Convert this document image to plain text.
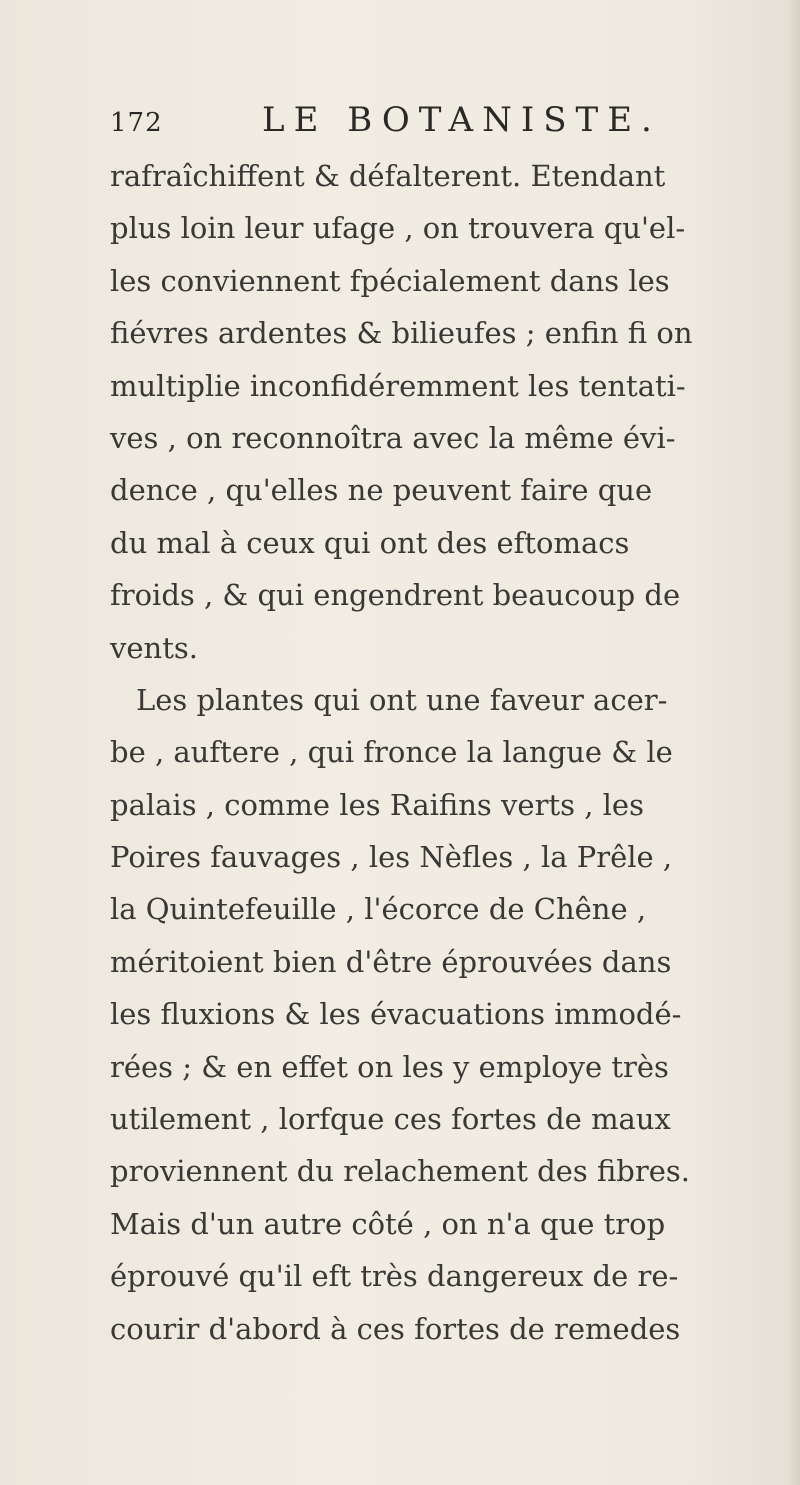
172	LE BOTANISTE.
rafraîchiffent & défalterent. Etendant
plus loin leur ufage , on trouvera qu'el-
les conviennent fpécialement dans les
fiévres ardentes & bilieufes ; enfin fi on
multiplie inconfidéremment les tentati-
ves , on reconnoîtra avec la même évi-
dence , qu'elles ne peuvent faire que
du mal à ceux qui ont des eftomacs
froids , & qui engendrent beaucoup de
vents.
Les plantes qui ont une faveur acer-
be , auftere , qui fronce la langue & le
palais , comme les Raifins verts , les
Poires fauvages , les Nèfles , la Prêle ,
la Quintefeuille , l'écorce de Chêne ,
méritoient bien d'être éprouvées dans
les fluxions & les évacuations immodé-
rées ; & en effet on les y employe très
utilement , lorfque ces fortes de maux
proviennent du relachement des fibres.
Mais d'un autre côté , on n'a que trop
éprouvé qu'il eft très dangereux de re-
courir d'abord à ces fortes de remedes
